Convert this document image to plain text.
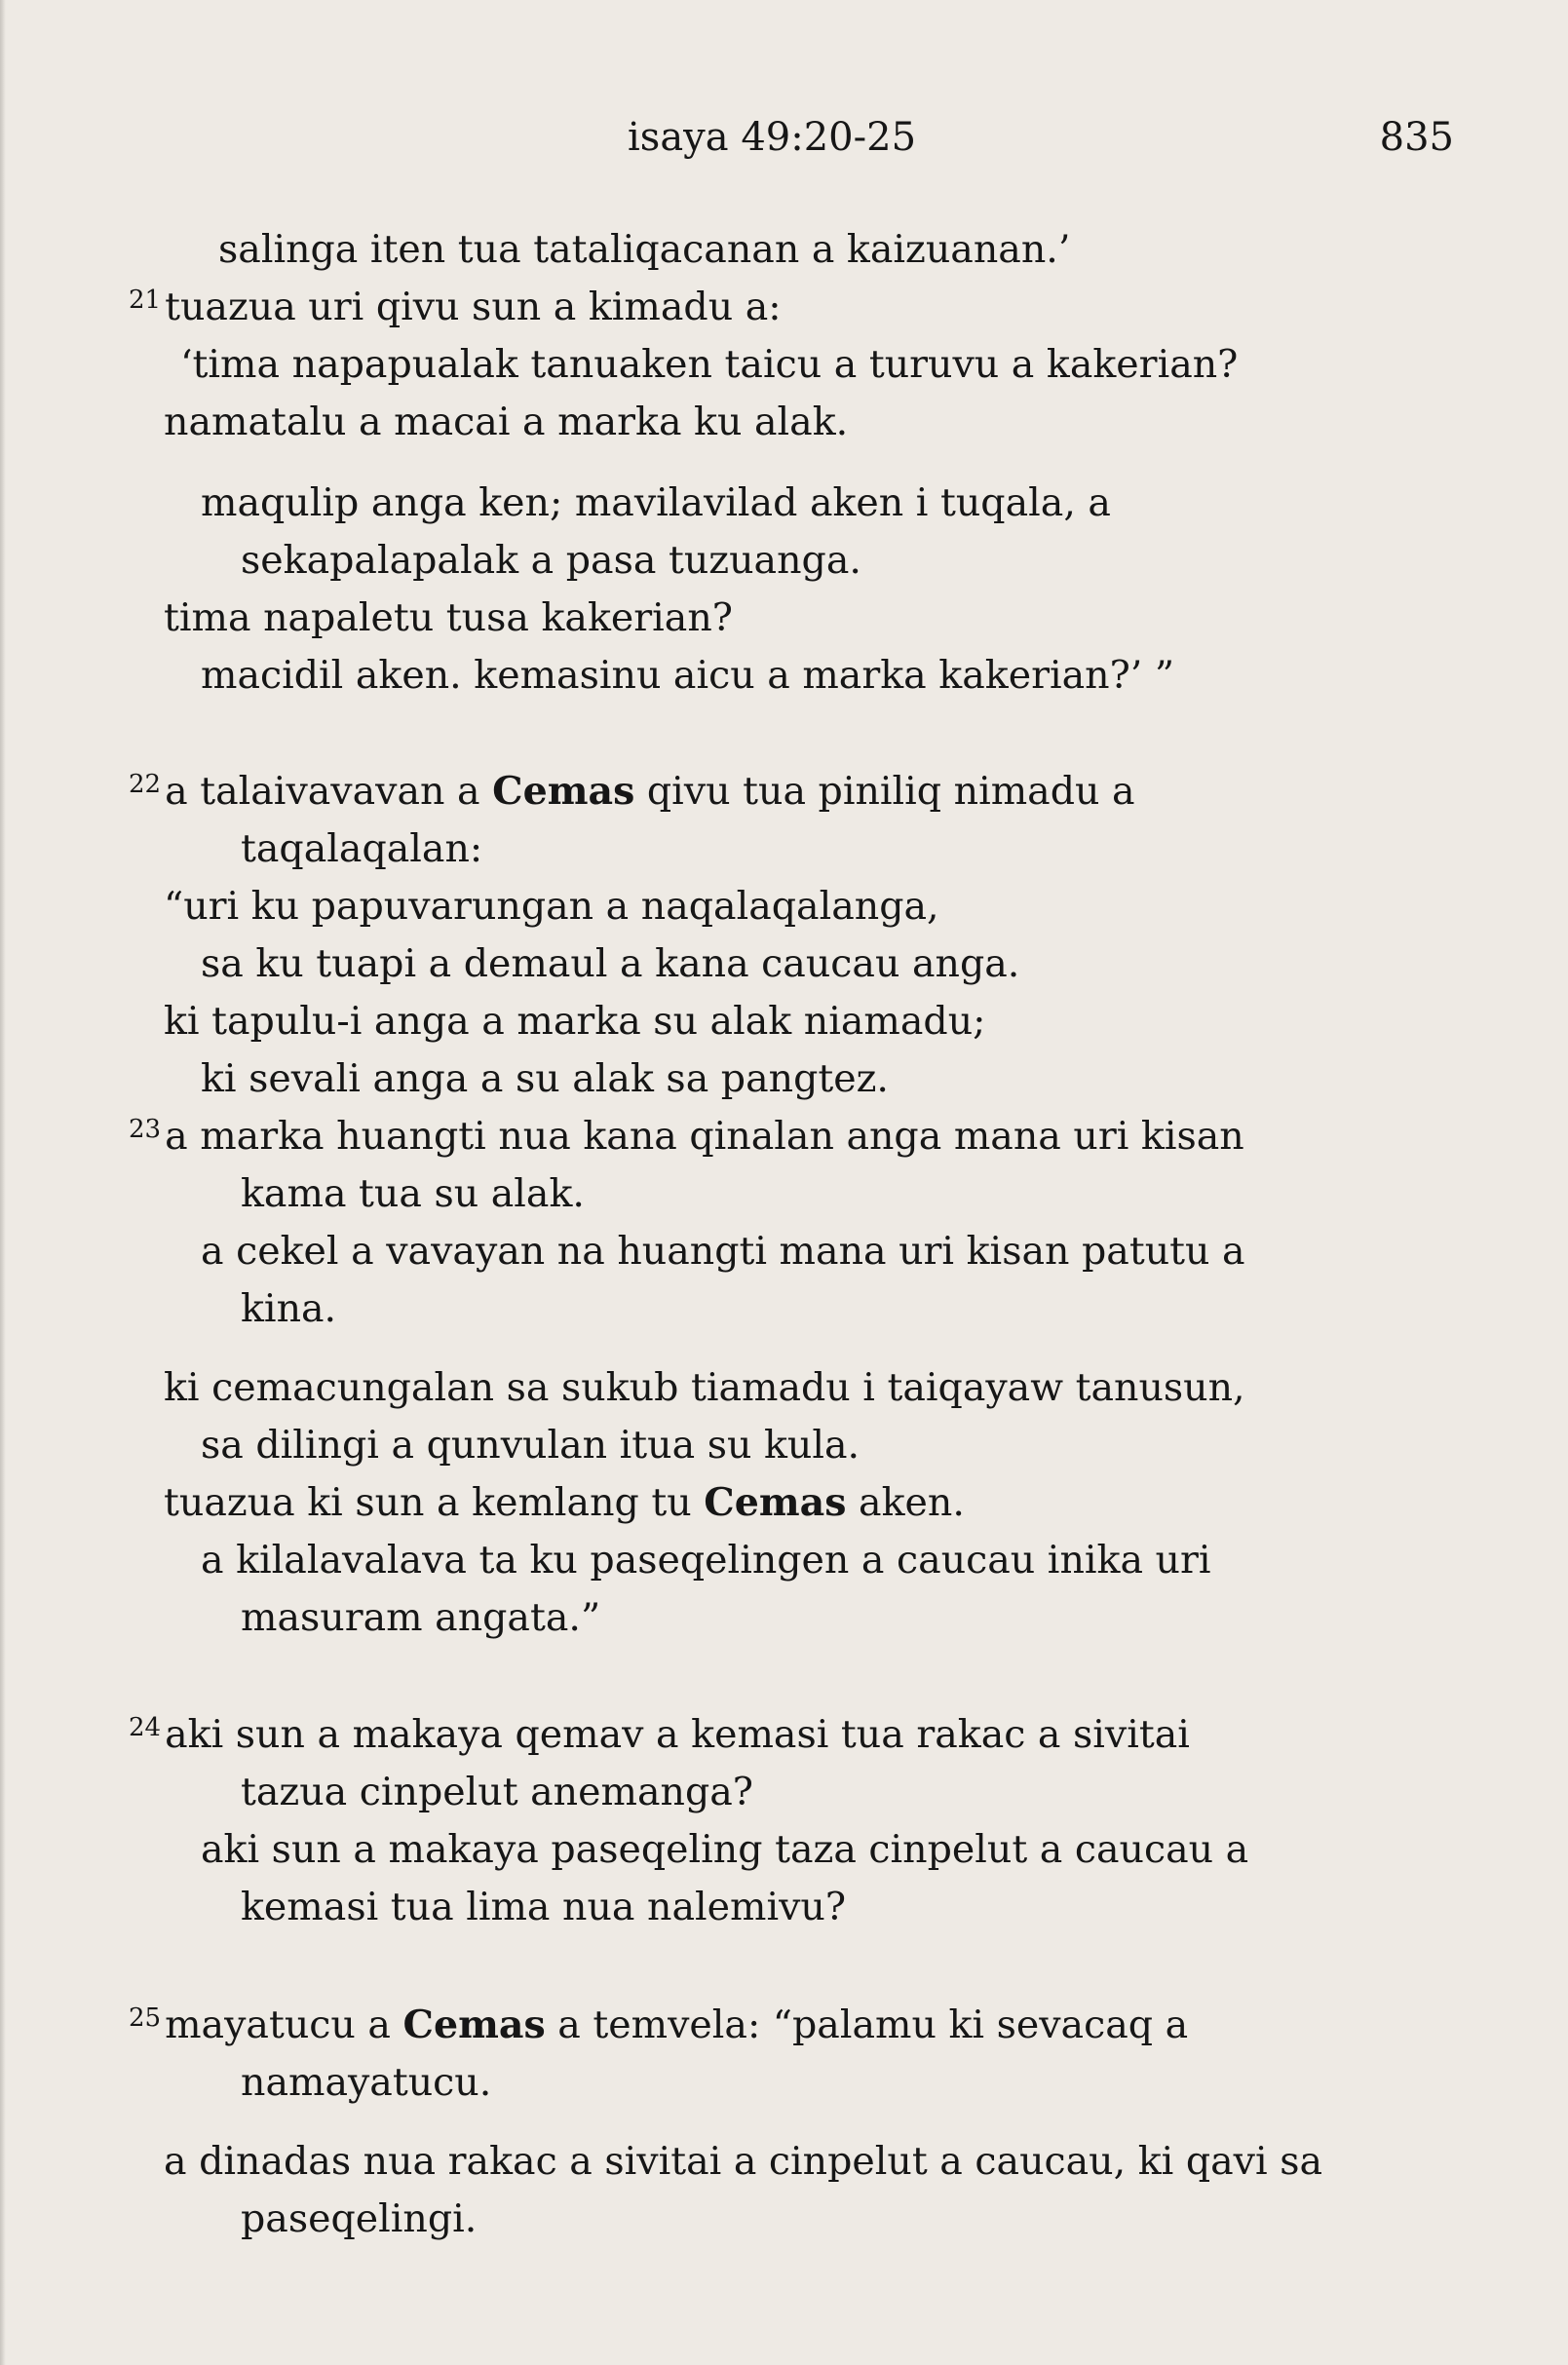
isaya 49:20-25	835
salinga iten tua tataliqacanan a kaizuanan.’
$^{21}$ tuazua uri qivu sun a kimadu a:
‘tima napapualak tanuaken taicu a turuvu a kakerian?
namatalu a macai a marka ku alak.
maqulip anga ken; mavilavilad aken i tuqala, a
sekapalapalak a pasa tuzuanga.
tima napaletu tusa kakerian?
macidil aken. kemasinu aicu a marka kakerian?’ ”
$^{22}$ a talaivavavan a Cemas qivu tua piniliq nimadu a
taqalaqalan:
“uri ku papuvarungan a naqalaqalanga,
sa ku tuapi a demaul a kana caucau anga.
ki tapulu-i anga a marka su alak niamadu;
ki sevali anga a su alak sa pangtez.
$^{23}$ a marka huangti nua kana qinalan anga mana uri kisan
kama tua su alak.
a cekel a vavayan na huangti mana uri kisan patutu a
kina.
ki cemacungalan sa sukub tiamadu i taiqayaw tanusun,
sa dilingi a qunvulan itua su kula.
tuazua ki sun a kemlang tu Cemas aken.
a kilalavalava ta ku paseqelingen a caucau inika uri
masuram angata.”
$^{24}$ aki sun a makaya qemav a kemasi tua rakac a sivitai
tazua cinpelut anemanga?
aki sun a makaya paseqeling taza cinpelut a caucau a
kemasi tua lima nua nalemivu?
$^{25}$ mayatucu a Cemas a temvela: “palamu ki sevacaq a
namayatucu.
a dinadas nua rakac a sivitai a cinpelut a caucau, ki qavi sa
paseqelingi.
